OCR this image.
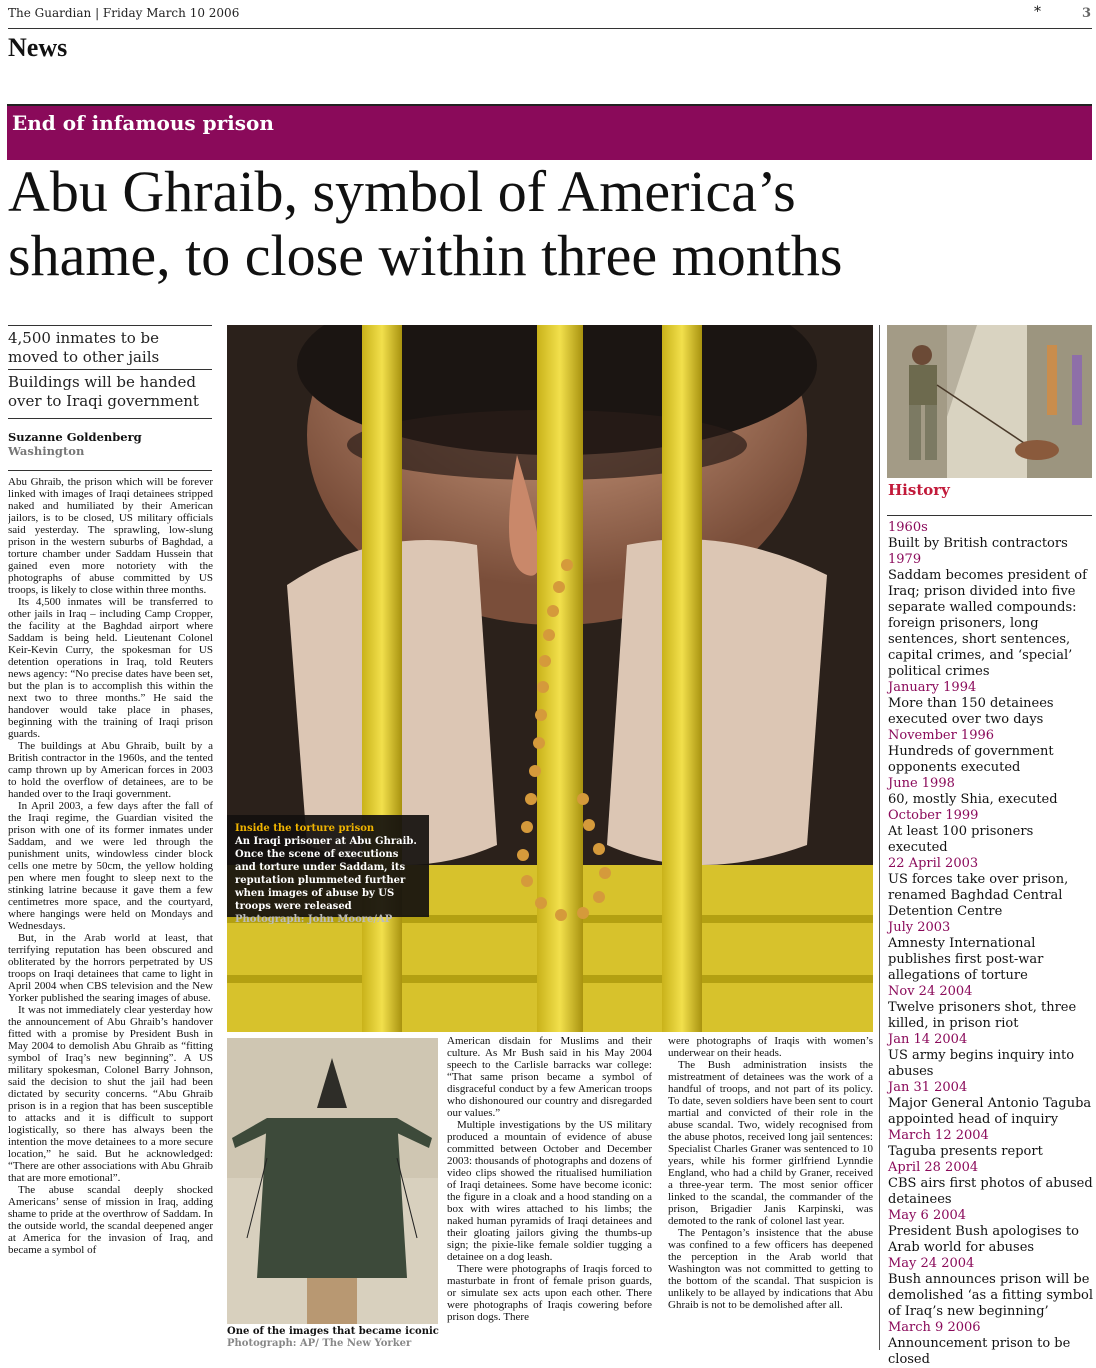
The Guardian | Friday March 10 2006	*	3
News
End of infamous prison
Abu Ghraib, symbol of America’s
shame, to close within three months
4,500 inmates to be moved to other jails
Buildings will be handed over to Iraqi government
Suzanne Goldenberg
Washington

Abu Ghraib, the prison which will be forever linked with images of Iraqi detainees stripped naked and humiliated by their American jailors, is to be closed, US military officials said yesterday. The sprawling, low-slung prison in the western suburbs of Baghdad, a torture chamber under Saddam Hussein that gained even more notoriety with the photographs of abuse committed by US troops, is likely to close within three months.

Its 4,500 inmates will be transferred to other jails in Iraq – including Camp Cropper, the facility at the Baghdad airport where Saddam is being held. Lieutenant Colonel Keir-Kevin Curry, the spokesman for US detention operations in Iraq, told Reuters news agency: “No precise dates have been set, but the plan is to accomplish this within the next two to three months.” He said the handover would take place in phases, beginning with the training of Iraqi prison guards.

The buildings at Abu Ghraib, built by a British contractor in the 1960s, and the tented camp thrown up by American forces in 2003 to hold the overflow of detainees, are to be handed over to the Iraqi government.

In April 2003, a few days after the fall of the Iraqi regime, the Guardian visited the prison with one of its former inmates under Saddam, and we were led through the punishment units, windowless cinder block cells one metre by 50cm, the yellow holding pen where men fought to sleep next to the stinking latrine because it gave them a few centimetres more space, and the courtyard, where hangings were held on Mondays and Wednesdays.

But, in the Arab world at least, that terrifying reputation has been obscured and obliterated by the horrors perpetrated by US troops on Iraqi detainees that came to light in April 2004 when CBS television and the New Yorker published the searing images of abuse.

It was not immediately clear yesterday how the announcement of Abu Ghraib’s handover fitted with a promise by President Bush in May 2004 to demolish Abu Ghraib as “fitting symbol of Iraq’s new beginning”. A US military spokesman, Colonel Barry Johnson, said the decision to shut the jail had been dictated by security concerns. “Abu Ghraib prison is in a region that has been susceptible to attacks and it is difficult to support logistically, so there has always been the intention the move detainees to a more secure location,” he said. But he acknowledged: “There are other associations with Abu Ghraib that are more emotional”.

The abuse scandal deeply shocked Americans’ sense of mission in Iraq, adding shame to pride at the overthrow of Saddam. In the outside world, the scandal deepened anger at America for the invasion of Iraq, and became a symbol of

Inside the torture prison
An Iraqi prisoner at Abu Ghraib. Once the scene of executions and torture under Saddam, its reputation plummeted further when images of abuse by US troops were released
Photograph: John Moore/AP
One of the images that became iconic
Photograph: AP/ The New Yorker

American disdain for Muslims and their culture. As Mr Bush said in his May 2004 speech to the Carlisle barracks war college: “That same prison became a symbol of disgraceful conduct by a few American troops who dishonoured our country and disregarded our values.”

Multiple investigations by the US military produced a mountain of evidence of abuse committed between October and December 2003: thousands of photographs and dozens of video clips showed the ritualised humiliation of Iraqi detainees. Some have become iconic: the figure in a cloak and a hood standing on a box with wires attached to his limbs; the naked human pyramids of Iraqi detainees and their gloating jailors giving the thumbs-up sign; the pixie-like female soldier tugging a detainee on a dog leash.

There were photographs of Iraqis forced to masturbate in front of female prison guards, or simulate sex acts upon each other. There were photographs of Iraqis cowering before prison dogs. There

were photographs of Iraqis with women’s underwear on their heads.

The Bush administration insists the mistreatment of detainees was the work of a handful of troops, and not part of its policy. To date, seven soldiers have been sent to court martial and convicted of their role in the abuse scandal. Two, widely recognised from the abuse photos, received long jail sentences: Specialist Charles Graner was sentenced to 10 years, while his former girlfriend Lynndie England, who had a child by Graner, received a three-year term. The most senior officer linked to the scandal, the commander of the prison, Brigadier Janis Karpinski, was demoted to the rank of colonel last year.

The Pentagon’s insistence that the abuse was confined to a few officers has deepened the perception in the Arab world that Washington was not committed to getting to the bottom of the scandal. That suspicion is unlikely to be allayed by indications that Abu Ghraib is not to be demolished after all.

History
1960s
Built by British contractors
1979
Saddam becomes president of Iraq; prison divided into five separate walled compounds: foreign prisoners, long sentences, short sentences, capital crimes, and ‘special’ political crimes
January 1994
More than 150 detainees executed over two days
November 1996
Hundreds of government opponents executed
June 1998
60, mostly Shia, executed
October 1999
At least 100 prisoners executed
22 April 2003
US forces take over prison, renamed Baghdad Central Detention Centre
July 2003
Amnesty International publishes first post-war allegations of torture
Nov 24 2004
Twelve prisoners shot, three killed, in prison riot
Jan 14 2004
US army begins inquiry into abuses
Jan 31 2004
Major General Antonio Taguba appointed head of inquiry
March 12 2004
Taguba presents report
April 28 2004
CBS airs first photos of abused detainees
May 6 2004
President Bush apologises to Arab world for abuses
May 24 2004
Bush announces prison will be demolished ‘as a fitting symbol of Iraq’s new beginning’
March 9 2006
Announcement prison to be closed
